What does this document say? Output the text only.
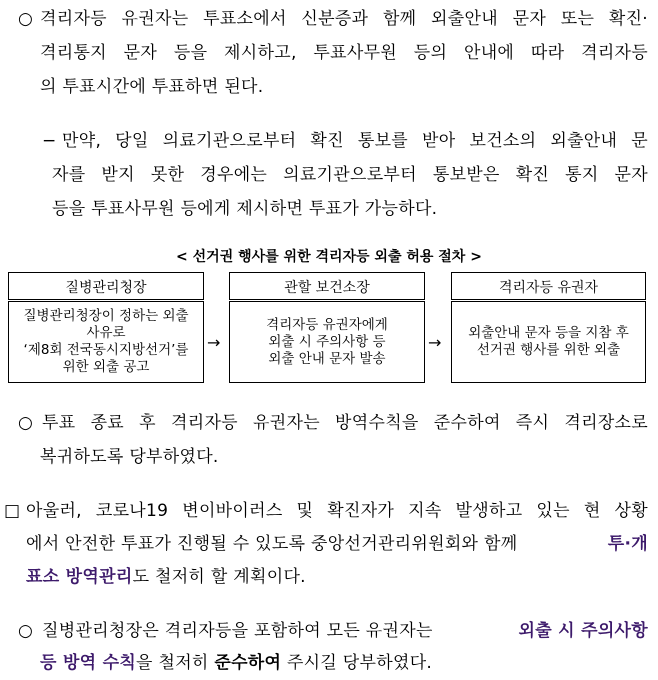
○ 격리자등 유권자는 투표소에서 신분증과 함께 외출안내 문자 또는 확진·
격리통지 문자 등을 제시하고, 투표사무원 등의 안내에 따라 격리자등
의 투표시간에 투표하면 된다.
− 만약, 당일 의료기관으로부터 확진 통보를 받아 보건소의 외출안내 문
자를 받지 못한 경우에는 의료기관으로부터 통보받은 확진 통지 문자
등을 투표사무원 등에게 제시하면 투표가 가능하다.
< 선거권 행사를 위한 격리자등 외출 허용 절차 >
질병관리청장
질병관리청장이 정하는 외출
사유로
‘제8회 전국동시지방선거’를
위한 외출 공고
→
관할 보건소장
격리자등 유권자에게
외출 시 주의사항 등
외출 안내 문자 발송
→
격리자등 유권자
외출안내 문자 등을 지참 후
선거권 행사를 위한 외출
○ 투표 종료 후 격리자등 유권자는 방역수칙을 준수하여 즉시 격리장소로
복귀하도록 당부하였다.
□ 아울러, 코로나19 변이바이러스 및 확진자가 지속 발생하고 있는 현 상황
에서 안전한 투표가 진행될 수 있도록 중앙선거관리위원회와 함께	투·개
표소 방역관리도 철저히 할 계획이다.
○ 질병관리청장은 격리자등을 포함하여 모든 유권자는	외출 시 주의사항
등 방역 수칙을 철저히 준수하여 주시길 당부하였다.
